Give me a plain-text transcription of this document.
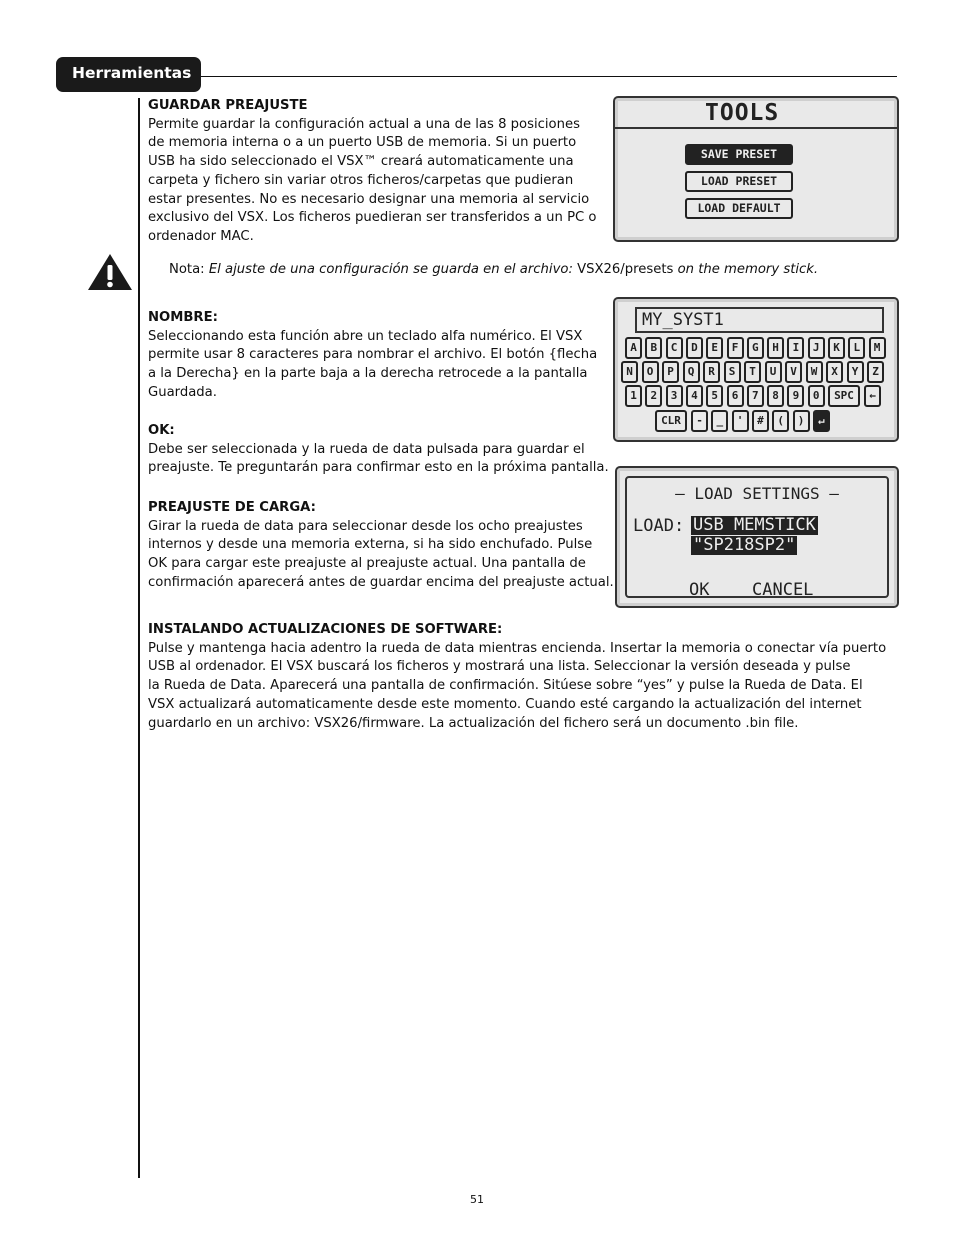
Herramientas
GUARDAR PREAJUSTE
Permite guardar la configuración actual a una de las 8 posiciones
de memoria interna o a un puerto USB de memoria. Si un puerto
USB ha sido seleccionado el VSX™ creará automaticamente una
carpeta y fichero sin variar otros ficheros/carpetas que pudieran
estar presentes. No es necesario designar una memoria al servicio
exclusivo del VSX. Los ficheros puedieran ser transferidos a un PC o
ordenador MAC.
Nota: El ajuste de una configuración se guarda en el archivo: VSX26/presets on the memory stick.
NOMBRE:
Seleccionando esta función abre un teclado alfa numérico. El VSX
permite usar 8 caracteres para nombrar el archivo. El botón {flecha
a la Derecha} en la parte baja a la derecha retrocede a la pantalla
Guardada.
OK:
Debe ser seleccionada y la rueda de data pulsada para guardar el
preajuste. Te preguntarán para confirmar esto en la próxima pantalla.
PREAJUSTE DE CARGA:
Girar la rueda de data para seleccionar desde los ocho preajustes
internos y desde una memoria externa, si ha sido enchufado. Pulse
OK para cargar este preajuste al preajuste actual. Una pantalla de
confirmación aparecerá antes de guardar encima del preajuste actual.
INSTALANDO ACTUALIZACIONES DE SOFTWARE:
Pulse y mantenga hacia adentro la rueda de data mientras encienda. Insertar la memoria o conectar vía puerto
USB al ordenador. El VSX buscará los ficheros y mostrará una lista. Seleccionar la versión deseada y pulse
la Rueda de Data. Aparecerá una pantalla de confirmación. Sitúese sobre “yes” y pulse la Rueda de Data. El
VSX actualizará automaticamente desde este momento. Cuando esté cargando la actualización del internet
guardarlo en un archivo: VSX26/firmware. La actualización del fichero será un documento .bin file.
TOOLS
SAVE PRESET
LOAD PRESET
LOAD DEFAULT
MY_SYST1
A	B	C	D	E	F	G	H	I	J	K	L	M
N	O	P	Q	R	S	T	U	V	W	X	Y	Z
1	2	3	4	5	6	7	8	9	0	SPC	←
CLR	-	_	'	#	(	)	↵
— LOAD SETTINGS —
LOAD: USB MEMSTICK
"SP218SP2"
OK	CANCEL
51
